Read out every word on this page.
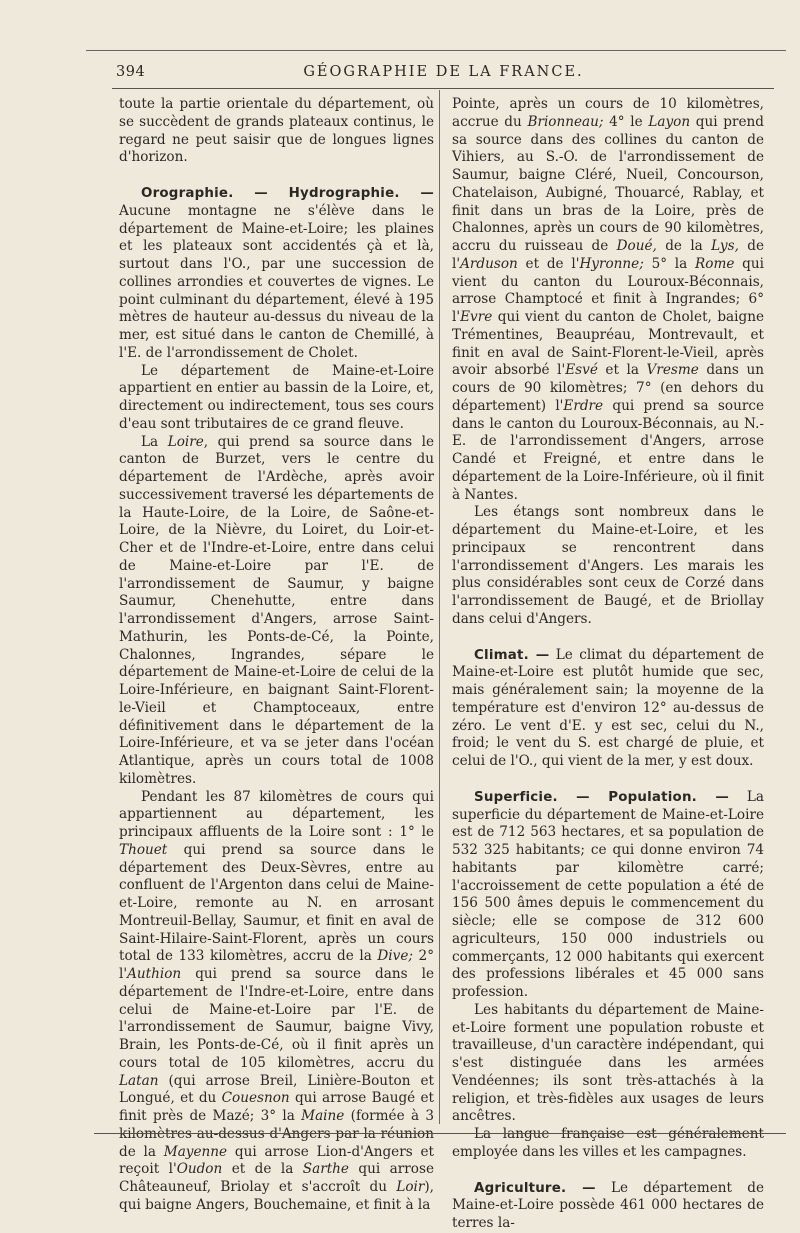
394	GÉOGRAPHIE DE LA FRANCE.

toute la partie orientale du département, où se succèdent de grands plateaux continus, le regard ne peut saisir que de longues lignes d'horizon.

Orographie. — Hydrographie. — Aucune montagne ne s'élève dans le département de Maine-et-Loire; les plaines et les plateaux sont accidentés çà et là, surtout dans l'O., par une succession de collines arrondies et couvertes de vignes. Le point culminant du département, élevé à 195 mètres de hauteur au-dessus du niveau de la mer, est situé dans le canton de Chemillé, à l'E. de l'arrondissement de Cholet.

Le département de Maine-et-Loire appartient en entier au bassin de la Loire, et, directement ou indirectement, tous ses cours d'eau sont tributaires de ce grand fleuve.

La Loire, qui prend sa source dans le canton de Burzet, vers le centre du département de l'Ardèche, après avoir successivement traversé les départements de la Haute-Loire, de la Loire, de Saône-et-Loire, de la Nièvre, du Loiret, du Loir-et-Cher et de l'Indre-et-Loire, entre dans celui de Maine-et-Loire par l'E. de l'arrondissement de Saumur, y baigne Saumur, Chenehutte, entre dans l'arrondissement d'Angers, arrose Saint-Mathurin, les Ponts-de-Cé, la Pointe, Chalonnes, Ingrandes, sépare le département de Maine-et-Loire de celui de la Loire-Inférieure, en baignant Saint-Florent-le-Vieil et Champtoceaux, entre définitivement dans le département de la Loire-Inférieure, et va se jeter dans l'océan Atlantique, après un cours total de 1008 kilomètres.

Pendant les 87 kilomètres de cours qui appartiennent au département, les principaux affluents de la Loire sont : 1° le Thouet qui prend sa source dans le département des Deux-Sèvres, entre au confluent de l'Argenton dans celui de Maine-et-Loire, remonte au N. en arrosant Montreuil-Bellay, Saumur, et finit en aval de Saint-Hilaire-Saint-Florent, après un cours total de 133 kilomètres, accru de la Dive; 2° l'Authion qui prend sa source dans le département de l'Indre-et-Loire, entre dans celui de Maine-et-Loire par l'E. de l'arrondissement de Saumur, baigne Vivy, Brain, les Ponts-de-Cé, où il finit après un cours total de 105 kilomètres, accru du Latan (qui arrose Breil, Linière-Bouton et Longué, et du Couesnon qui arrose Baugé et finit près de Mazé; 3° la Maine (formée à 3 kilomètres au-dessus d'Angers par la réunion de la Mayenne qui arrose Lion-d'Angers et reçoit l'Oudon et de la Sarthe qui arrose Châteauneuf, Briolay et s'accroît du Loir), qui baigne Angers, Bouchemaine, et finit à la

Pointe, après un cours de 10 kilomètres, accrue du Brionneau; 4° le Layon qui prend sa source dans des collines du canton de Vihiers, au S.-O. de l'arrondissement de Saumur, baigne Cléré, Nueil, Concourson, Chatelaison, Aubigné, Thouarcé, Rablay, et finit dans un bras de la Loire, près de Chalonnes, après un cours de 90 kilomètres, accru du ruisseau de Doué, de la Lys, de l'Arduson et de l'Hyronne; 5° la Rome qui vient du canton du Louroux-Béconnais, arrose Champtocé et finit à Ingrandes; 6° l'Evre qui vient du canton de Cholet, baigne Trémentines, Beaupréau, Montrevault, et finit en aval de Saint-Florent-le-Vieil, après avoir absorbé l'Esvé et la Vresme dans un cours de 90 kilomètres; 7° (en dehors du département) l'Erdre qui prend sa source dans le canton du Louroux-Béconnais, au N.-E. de l'arrondissement d'Angers, arrose Candé et Freigné, et entre dans le département de la Loire-Inférieure, où il finit à Nantes.

Les étangs sont nombreux dans le département du Maine-et-Loire, et les principaux se rencontrent dans l'arrondissement d'Angers. Les marais les plus considérables sont ceux de Corzé dans l'arrondissement de Baugé, et de Briollay dans celui d'Angers.

Climat. — Le climat du département de Maine-et-Loire est plutôt humide que sec, mais généralement sain; la moyenne de la température est d'environ 12° au-dessus de zéro. Le vent d'E. y est sec, celui du N., froid; le vent du S. est chargé de pluie, et celui de l'O., qui vient de la mer, y est doux.

Superficie. — Population. — La superficie du département de Maine-et-Loire est de 712 563 hectares, et sa population de 532 325 habitants; ce qui donne environ 74 habitants par kilomètre carré; l'accroissement de cette population a été de 156 500 âmes depuis le commencement du siècle; elle se compose de 312 600 agriculteurs, 150 000 industriels ou commerçants, 12 000 habitants qui exercent des professions libérales et 45 000 sans profession.

Les habitants du département de Maine-et-Loire forment une population robuste et travailleuse, d'un caractère indépendant, qui s'est distinguée dans les armées Vendéennes; ils sont très-attachés à la religion, et très-fidèles aux usages de leurs ancêtres.

La langue française est généralement employée dans les villes et les campagnes.

Agriculture. — Le département de Maine-et-Loire possède 461 000 hectares de terres la-
